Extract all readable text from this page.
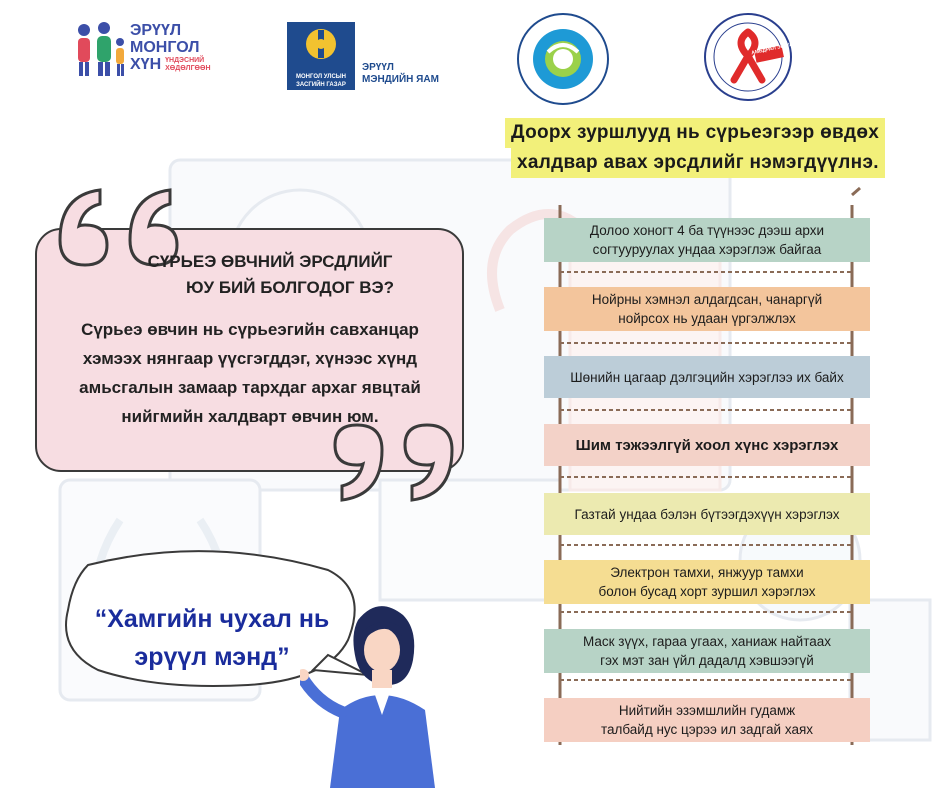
ЭРҮҮЛ
МОНГОЛ
ХҮН ҮНДЭСНИЙ
ХӨДӨЛГӨӨН
МОНГОЛ УЛСЫН
ЗАСГИЙН ГАЗАР
ЭРҮҮЛ
МЭНДИЙН ЯАМ
АМЬДРАЛ ЭРҮҮЛ
Доорх зуршлууд нь сүрьеэгээр өвдөх
халдвар авах эрсдлийг нэмэгдүүлнэ.
СҮРЬЕЭ ӨВЧНИЙ ЭРСДЛИЙГ
ЮУ БИЙ БОЛГОДОГ ВЭ?
Сүрьеэ өвчин нь сүрьеэгийн савханцар
хэмээх нянгаар үүсгэгддэг, хүнээс хүнд
амьсгалын замаар тархдаг архаг явцтай
нийгмийн халдварт өвчин юм.
Долоо хоногт 4 ба түүнээс дээш архи
согтууруулах ундаа хэрэглэж байгаа
Нойрны хэмнэл алдагдсан, чанаргүй
нойрсох нь удаан үргэлжлэх
Шөнийн цагаар дэлгэцийн хэрэглээ их байх
Шим тэжээлгүй хоол хүнс хэрэглэх
Газтай ундаа бэлэн бүтээгдэхүүн хэрэглэх
Электрон тамхи, янжуур тамхи
болон бусад хорт зуршил хэрэглэх
Маск зүүх, гараа угаах, ханиаж найтаах
гэх мэт зан үйл дадалд хэвшээгүй
Нийтийн эзэмшлийн гудамж
талбайд нус цэрээ ил задгай хаях
“Хамгийн чухал нь
эрүүл мэнд”
